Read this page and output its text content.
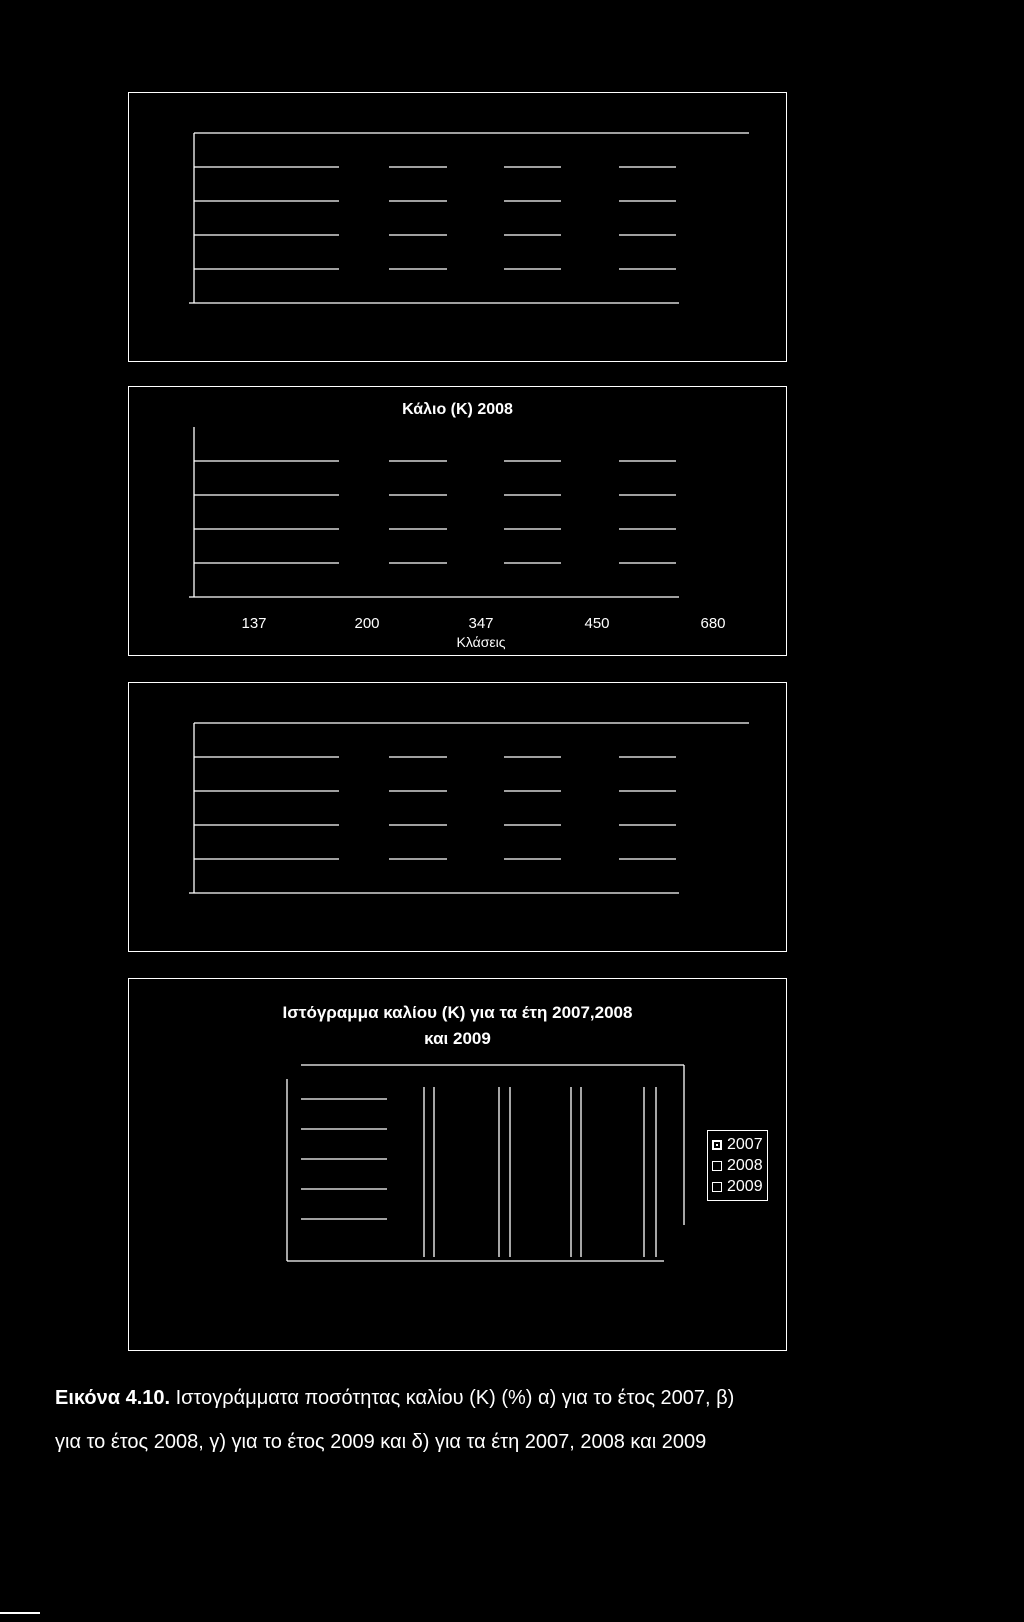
Κάλιο (Κ) 2008
137	200	347	450	680
Κλάσεις
Ιστόγραμμα καλίου (Κ) για τα έτη 2007,2008
και 2009
2007
2008
2009
Εικόνα 4.10. Ιστογράμματα ποσότητας καλίου (Κ) (%) α) για το έτος 2007, β)
για το έτος 2008, γ) για το έτος 2009 και δ) για τα έτη 2007, 2008 και 2009
